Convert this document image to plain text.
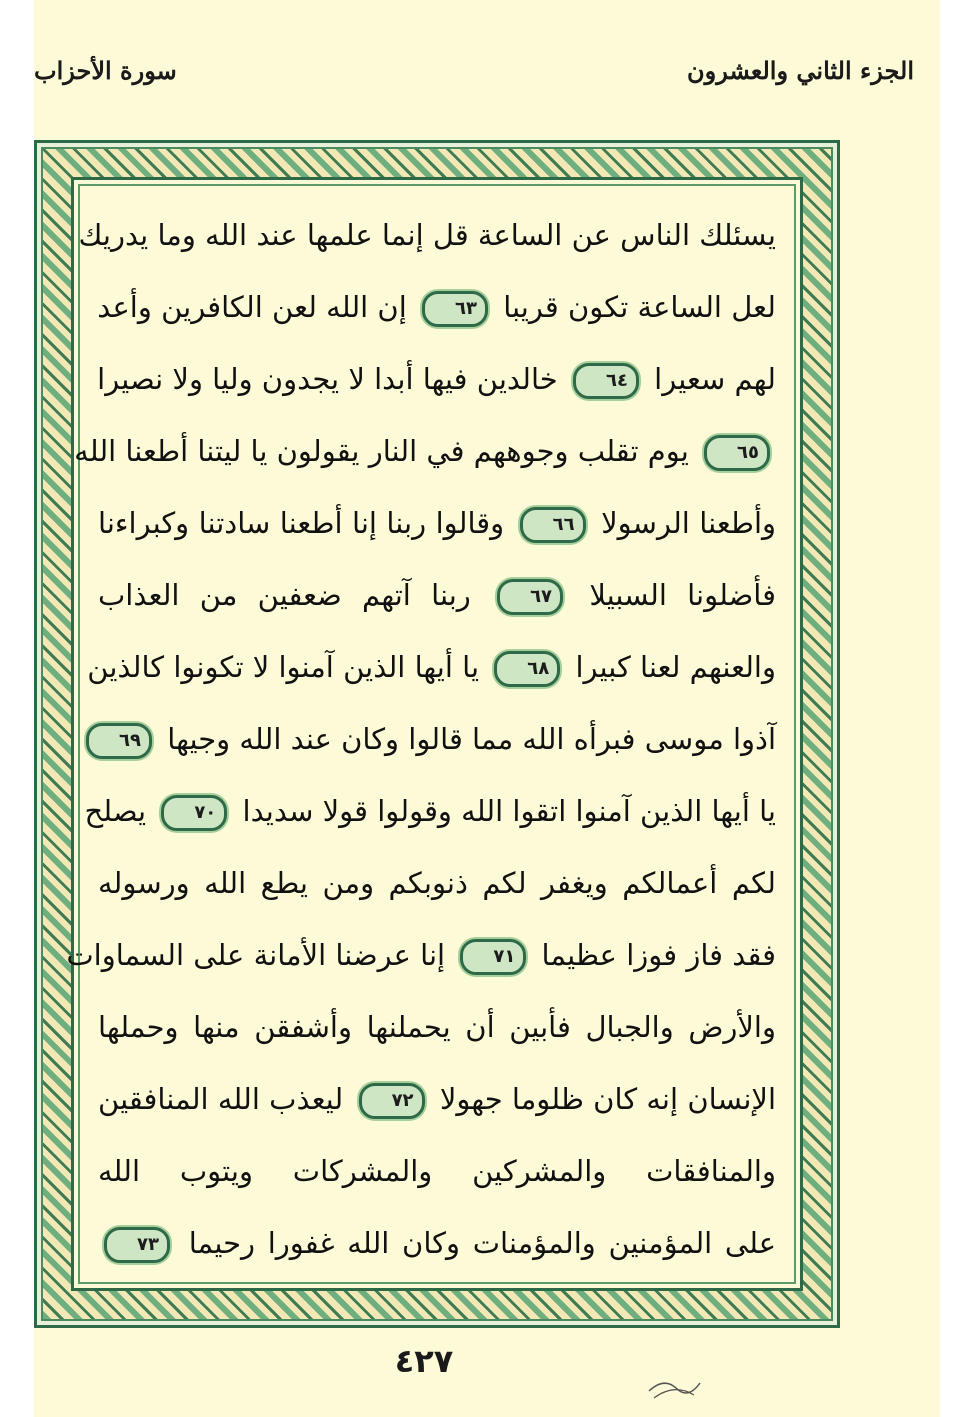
الجزء الثاني والعشرون
سورة الأحزاب
يسئلك الناس عن الساعة قل إنما علمها عند الله وما يدريك
لعل الساعة تكون قريبا ٦٣ إن الله لعن الكافرين وأعد
لهم سعيرا ٦٤ خالدين فيها أبدا لا يجدون وليا ولا نصيرا
٦٥ يوم تقلب وجوههم في النار يقولون يا ليتنا أطعنا الله
وأطعنا الرسولا ٦٦ وقالوا ربنا إنا أطعنا سادتنا وكبراءنا
فأضلونا السبيلا ٦٧ ربنا آتهم ضعفين من العذاب
والعنهم لعنا كبيرا ٦٨ يا أيها الذين آمنوا لا تكونوا كالذين
آذوا موسى فبرأه الله مما قالوا وكان عند الله وجيها ٦٩
يا أيها الذين آمنوا اتقوا الله وقولوا قولا سديدا ٧٠ يصلح
لكم أعمالكم ويغفر لكم ذنوبكم ومن يطع الله ورسوله
فقد فاز فوزا عظيما ٧١ إنا عرضنا الأمانة على السماوات
والأرض والجبال فأبين أن يحملنها وأشفقن منها وحملها
الإنسان إنه كان ظلوما جهولا ٧٢ ليعذب الله المنافقين
والمنافقات والمشركين والمشركات ويتوب الله
على المؤمنين والمؤمنات وكان الله غفورا رحيما ٧٣
٤٢٧
